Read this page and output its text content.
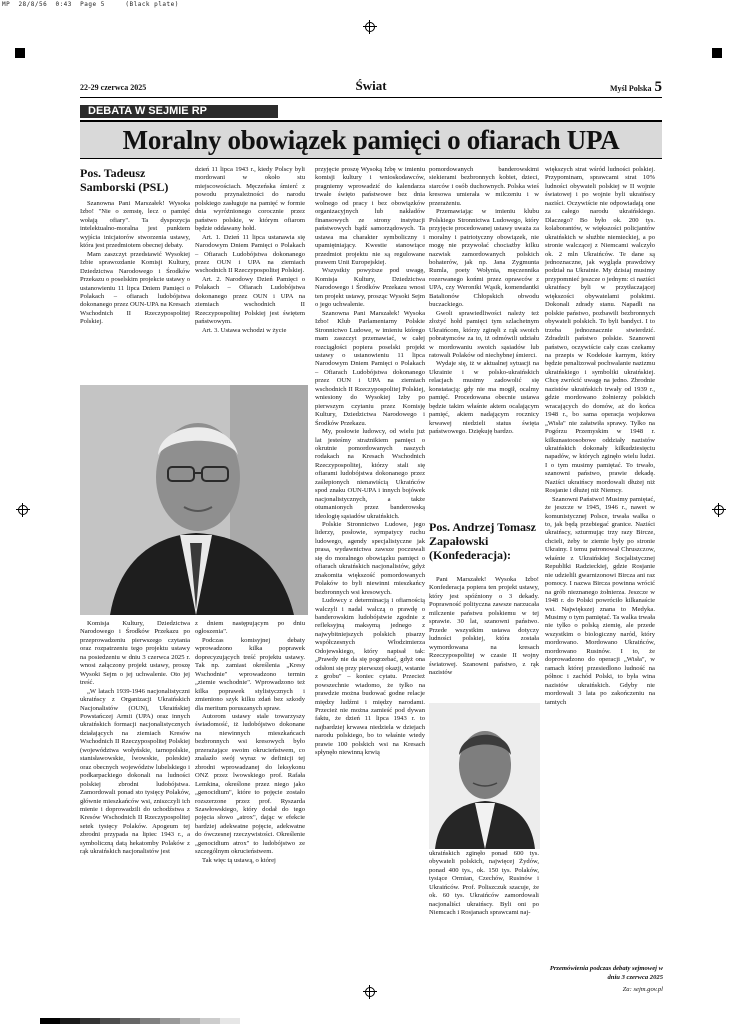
MP  28/8/56  0:43  Page 5     (Black plate)
22-29 czerwca 2025	Świat	Myśl Polska 5
DEBATA W SEJMIE RP
Moralny obowiązek pamięci o ofiarach UPA
Pos. Tadeusz Samborski (PSL)

Szanowna Pani Marszałek! Wysoka Izbo! "Nie o zemstę, lecz o pamięć wołają ofiary". Ta dyspozycja intelektualno-moralna jest punktem wyjścia inicjatorów stworzenia ustawy, która jest przedmiotem obecnej debaty.

Mam zaszczyt przedstawić Wysokiej Izbie sprawozdanie Komisji Kultury, Dziedzictwa Narodowego i Środków Przekazu o poselskim projekcie ustawy o ustanowieniu 11 lipca Dniem Pamięci o Polakach – ofiarach ludobójstwa dokonanego przez OUN-UPA na Kresach Wschodnich II Rzeczypospolitej Polskiej.

dzień 11 lipca 1943 r., kiedy Polscy byli mordowani w około stu miejscowościach. Męczeńska śmierć z powodu przynależności do narodu polskiego zasługuje na pamięć w formie dnia wyróżnionego corocznie przez państwo polskie, w którym ofiarom będzie oddawany hołd.

Art. 1. Dzień 11 lipca ustanawia się Narodowym Dniem Pamięci o Polakach – Ofiarach Ludobójstwa dokonanego przez OUN i UPA na ziemiach wschodnich II Rzeczypospolitej Polskiej.

Art. 2. Narodowy Dzień Pamięci o Polakach – Ofiarach Ludobójstwa dokonanego przez OUN i UPA na ziemiach wschodnich II Rzeczypospolitej Polskiej jest świętem państwowym.

Art. 3. Ustawa wchodzi w życie

Komisja Kultury, Dziedzictwa Narodowego i Środków Przekazu po przeprowadzeniu pierwszego czytania oraz rozpatrzeniu tego projektu ustawy na posiedzeniu w dniu 3 czerwca 2025 r. wnosi załączony projekt ustawy, proszę Wysoki Sejm o jej uchwalenie. Oto jej treść.

„W latach 1939-1946 nacjonalistyczni ukraińscy z Organizacji Ukraińskich Nacjonalistów (OUN), Ukraińskiej Powstańczej Armii (UPA) oraz innych ukraińskich formacji nacjonalistycznych działających na ziemiach Kresów Wschodnich II Rzeczypospolitej Polskiej (województwa wołyńskie, tarnopolskie, stanisławowskie, lwowskie, poleskie) oraz obecnych województw lubelskiego i podkarpackiego dokonali na ludności polskiej zbrodni ludobójstwa. Zamordowali ponad sto tysięcy Polaków, głównie mieszkańców wsi, zniszczyli ich mienie i doprowadzili do uchodźstwa z Kresów Wschodnich II Rzeczypospolitej setek tysięcy Polaków. Apogeum tej zbrodni przypada na lipiec 1943 r., a symboliczną datą hekatomby Polaków z rąk ukraińskich nacjonalistów jest

z dniem następującym po dniu ogłoszenia".

Podczas komisyjnej debaty wprowadzono kilka poprawek doprecyzujących treść projektu ustawy. Tak np. zamiast określenia „Kresy Wschodnie" wprowadzono termin „ziemie wschodnie". Wprowadzono też kilka poprawek stylistycznych i zmieniono szyk kilku zdań bez szkody dla meritum poruszanych spraw.

Autorom ustawy stale towarzyszy świadomość, iż ludobójstwo dokonane na niewinnych mieszkańcach bezbronnych wsi kresowych było przerażające swoim okrucieństwem, co znalazło swój wyraz w definicji tej zbrodni wprowadzanej do leksykonu ONZ przez lwowskiego prof. Rafała Lemkina, określone przez niego jako „genocidium", które to pojęcie zostało rozszerzone przez prof. Ryszarda Szawłowskiego, który dodał do tego pojęcia słowo „atrox", dając w efekcie bardziej adekwatne pojęcie, adekwatne do ówczesnej rzeczywistości. Określenie „genocidium atrox" to ludobójstwo ze szczególnym okrucieństwem.

Tak więc tą ustawą, o której

przyjęcie proszę Wysoką Izbę w imieniu komisji kultury i wnioskodawców, pragniemy wprowadzić do kalendarza trwałe święto państwowe bez dnia wolnego od pracy i bez obowiązków organizacyjnych lub nakładów finansowych ze strony instytucji państwowych bądź samorządowych. Ta ustawa ma charakter symboliczny i upamiętniający. Kwestie stanowiące przedmiot projektu nie są regulowane prawem Unii Europejskiej.

Wszystkiy powyższe pod uwagę, Komisja Kultury, Dziedzictwa Narodowego i Środków Przekazu wnosi ten projekt ustawy, prosząc Wysoki Sejm o jego uchwalenie.

Szanowna Pani Marszałek! Wysoka Izbo! Klub Parlamentarny Polskie Stronnictwo Ludowe, w imieniu którego mam zaszczyt przemawiać, w całej rozciągłości popiera poselski projekt ustawy o ustanowieniu 11 lipca Narodowym Dniem Pamięci o Polakach – Ofiarach Ludobójstwa dokonanego przez OUN i UPA na ziemiach wschodnich II Rzeczypospolitej Polskiej, wniesiony do Wysokiej Izby po pierwszym czytaniu przez Komisję Kultury, Dziedzictwa Narodowego i Środków Przekazu.

My, posłowie ludowcy, od wielu już lat jesteśmy strażnikiem pamięci o okrutnie pomordowanych naszych rodakach na Kresach Wschodnich Rzeczypospolitej, którzy stali się ofiarami ludobójstwa dokonanego przez zaślepionych nienawiścią Ukraińców spod znaku OUN-UPA i innych bojówek nacjonalistycznych, a także otumanionych przez banderowską ideologię sąsiadów ukraińskich.

Polskie Stronnictwo Ludowe, jego liderzy, posłowie, sympatycy ruchu ludowego, agendy specjalistyczne jak prasa, wydawnictwa zawsze poczuwali się do moralnego obowiązku pamięci o ofiarach ukraińskich nacjonalistów, gdyż znakomita większość pomordowanych Polaków to byli niewinni mieszkańcy bezbronnych wsi kresowych.

Ludowcy z determinacją i ofiarnością walczyli i nadal walczą o prawdę o banderowskim ludobójstwie zgodnie z refleksyjną maksymą jednego z najwybitniejszych polskich pisarzy współczesnych Włodzimierza Odojewskiego, który napisał tak: „Prawdy nie da się pogrzebać, gdyż ona odsłoni się przy pierwszej okazji, wstanie z grobu" – koniec cytatu. Przecież powszechnie wiadomo, że tylko na prawdzie można budować godne relacje między ludźmi i między narodami. Przecież nie można zamieść pod dywan faktu, że dzień 11 lipca 1943 r. to najbardziej krwawa niedziela w dziejach narodu polskiego, bo to właśnie wtedy prawie 100 polskich wsi na Kresach spłynęło niewinną krwią

pomordowanych banderowskimi siekierami bezbronnych kobiet, dzieci, starców i osób duchownych. Polska wieś kresowa umierała w milczeniu i w przerażeniu.

Przemawiając w imieniu klubu Polskiego Stronnictwa Ludowego, który przyjęcie procedowanej ustawy uważa za moralny i patriotyczny obowiązek, nie mogę nie przywołać chociażby kilku nazwisk zamordowanych polskich bohaterów, jak np. Jana Zygmunta Rumla, poety Wołynia, męczennika rozerwanego końmi przez oprawców z UPA, czy Weroniki Wąsik, komendantki Batalionów Chłopskich obwodu buczackiego.

Gwoli sprawiedliwości należy też złożyć hołd pamięci tym szlachetnym Ukraińcom, którzy zginęli z rąk swoich pobratymców za to, iż odmówili udziału w mordowaniu swoich sąsiadów lub ratowali Polaków od niechybnej śmierci.

Wydaje się, iż w aktualnej sytuacji na Ukrainie i w polsko-ukraińskich relacjach musimy zadowolić się konstatacją: gdy nie ma mogił, ocalmy pamięć. Procedowana obecnie ustawa będzie takim właśnie aktem ocalającym pamięć, akiem nadającym rocznicy krwawej niedzieli status święta państwowego. Dziękuję bardzo.

Pos. Andrzej Tomasz Zapałowski (Konfederacja):

Pani Marszałek! Wysoka Izbo! Konfederacja popiera ten projekt ustawy, który jest spóźniony o 3 dekady. Poprawność polityczna zawsze narzucała milczenie państwu polskiemu w tej sprawie. 30 lat, szanowni państwo. Przede wszystkim ustawa dotyczy ludności polskiej, która została wymordowana na kresach Rzeczypospolitej w czasie II wojny światowej. Szanowni państwo, z rąk nazistów

ukraińskich zginęło ponad 600 tys. obywateli polskich, najwięcej Żydów, ponad 400 tys., ok. 150 tys. Polaków, tysiące Ormian, Czechów, Rusinów i Ukraińców. Prof. Poliszczuk szacuje, że ok. 60 tys. Ukraińców zamordowali nacjonaliści ukraińscy. Byli oni po Niemcach i Rosjanach sprawcami naj-

większych strat wśród ludności polskiej. Przypominam, sprawcami strat 10% ludności obywateli polskiej w II wojnie światowej i po wojnie byli ukraińscy naziści. Oczywiście nie odpowiadają one za całego narodu ukraińskiego. Dlaczego? Bo było ok. 200 tys. kolaborantów, w większości policjantów ukraińskich w służbie niemieckiej, a po stronie walczącej z Niemcami walczyło ok. 2 mln Ukraińców. Te dane są jednoznaczne, jak wygląda prawdziwy podział na Ukrainie. My dzisiaj musimy przypomnieć jeszcze o jednym: ci naziści ukraińscy byli w przytłaczającej większości obywatelami polskimi. Dokonali zdrady stanu. Napadli na polskie państwo, pozbawili bezbronnych obywateli polskich. To byli bandyci. I to trzeba jednoznacznie stwierdzić. Zdradzili państwo polskie. Szanowni państwo, oczywiście cały czas czekamy na przepis w Kodeksie karnym, który będzie penalizował pochwalanie nazizmu ukraińskiego i symboliki ukraińskiej. Chcę zwrócić uwagę na jedno. Zbrodnie nazistów ukraińskich trwały od 1939 r., gdzie mordowano żołnierzy polskich wracających do domów, aż do końca 1948 r., bo sama operacja wojskowa „Wisła" nie załatwiła sprawy. Tylko na Pogórzu Przemyskim w 1948 r. kilkunastoosobowe oddziały nazistów ukraińskich dokonały kilkudziesięciu napadów, w których zginęło wielu ludzi. I o tym musimy pamiętać. To trwało, szanowni państwo, prawie dekadę. Naziści ukraińscy mordowali dłużej niż Rosjanie i dłużej niż Niemcy.

Szanowni Państwo! Musimy pamiętać, że jeszcze w 1945, 1946 r., nawet w komunistycznej Polsce, trwała walka o to, jak będą przebiegać granice. Naziści ukraińscy, szturmując trzy razy Bircze, chcieli, żeby te ziemie były po stronie Ukrainy. I temu patronował Chruszczow, właśnie z Ukraińskiej Socjalistycznej Republiki Radzieckiej, gdzie Rosjanie nie udzielili gwarnizonowi Bircza ani raz pomocy. I nazwa Bircza powinna wrócić na grób nieznanego żołnierza. Jeszcze w 1948 r. do Polski powróciło kilkanaście wsi. Największej znana to Medyka. Musimy o tym pamiętać. Ta walka trwała nie tylko o polską ziemię, ale przede wszystkim o biologiczny naród, który mordowano. Mordowano Ukraińców, mordowano Rusinów. I to, że doprowadzono do operacji „Wisła", w ramach której przesiedlono ludność na północ i zachód Polski, to była wina nazistów ukraińskich. Gdyby nie mordowali 3 lata po zakończeniu na tamtych

Przemówienia podczas debaty sejmowej w dniu 3 czerwca 2025
Za: sejm.gov.pl
